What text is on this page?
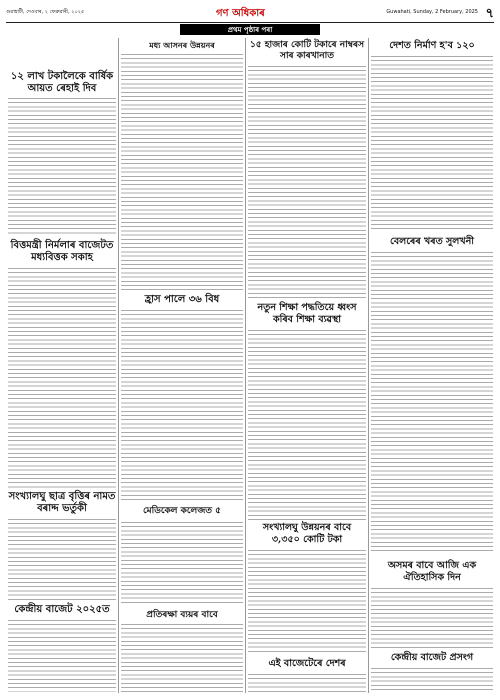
গুৱাহাটী, দেওবাৰ, ২ ফেব্ৰুৱাৰী, ২০২৫	গণ অধিকাৰ	Guwahati, Sunday, 2 February, 2025 ৭
প্ৰথম পৃষ্ঠাৰ পৰা
১২ লাখ টকালৈকে বাৰ্ষিক আয়ত ৰেহাই দিব
বিত্তমন্ত্ৰী নিৰ্মলাৰ বাজেটত মধ্যবিত্তক সকাহ
সংখ্যালঘু ছাত্ৰ বৃত্তিৰ নামত বৰাদ্দ ভৰ্তুকী
কেন্দ্ৰীয় বাজেট ২০২৫ত
মধ্য আসনৰ উন্নয়নৰ
হ্ৰাস পালে ৩৬ বিধ
মেডিকেল কলেজত ৫
প্ৰতিৰক্ষা ব্যয়ৰ বাবে
১৫ হাজাৰ কোটি টকাৰে নাম্বৰস সাৰ কাৰখানাত
নতুন শিক্ষা পদ্ধতিয়ে ধ্বংস কৰিব শিক্ষা ব্যৱস্থা
সংখ্যালঘু উন্নয়নৰ বাবে ৩,৩৫০ কোটি টকা
এই বাজেটেৰে দেশৰ
দেশত নিৰ্মাণ হ'ব ১২০
বেলৰেৰ খৰত সুলখনী
অসমৰ বাবে আজি এক ঐতিহাসিক দিন
কেন্দ্ৰীয় বাজেট প্ৰসংগ
